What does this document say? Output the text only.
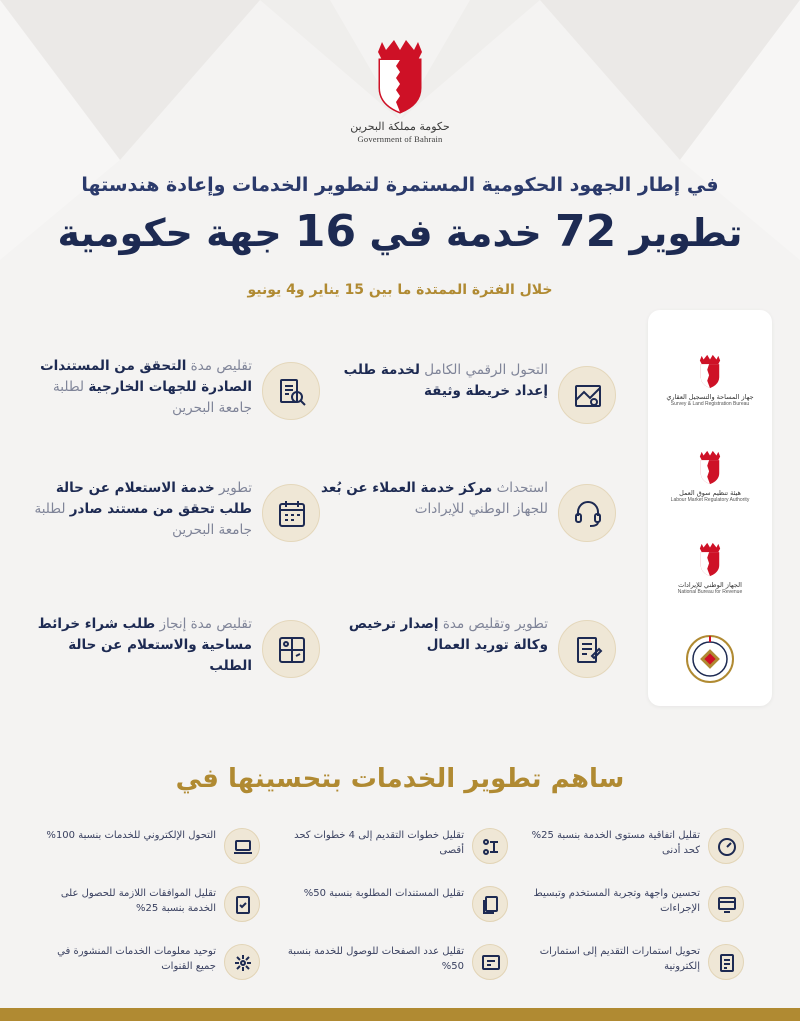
حكومة مملكة البحرين
Government of Bahrain
في إطار الجهود الحكومية المستمرة لتطوير الخدمات وإعادة هندستها
تطوير 72 خدمة في 16 جهة حكومية
خلال الفترة الممتدة ما بين 15 يناير و4 يونيو
جهاز المساحة والتسجيل العقاري
Survey & Land Registration Bureau
هيئة تنظيم سوق العمل
Labour Market Regulatory Authority
الجهاز الوطني للإيرادات
National Bureau for Revenue
التحول الرقمي الكامل لخدمة طلب إعداد خريطة وثيقة
استحداث مركز خدمة العملاء عن بُعد للجهاز الوطني للإيرادات
تطوير وتقليص مدة إصدار ترخيص وكالة توريد العمال
تقليص مدة التحقق من المستندات الصادرة للجهات الخارجية لطلبة جامعة البحرين
تطوير خدمة الاستعلام عن حالة طلب تحقق من مستند صادر لطلبة جامعة البحرين
تقليص مدة إنجاز طلب شراء خرائط مساحية والاستعلام عن حالة الطلب
ساهم تطوير الخدمات بتحسينها في
تقليل اتفاقية مستوى الخدمة بنسبة 25% كحد أدنى
تقليل خطوات التقديم إلى 4 خطوات كحد أقصى
التحول الإلكتروني للخدمات بنسبة 100%
تحسين واجهة وتجربة المستخدم وتبسيط الإجراءات
تقليل المستندات المطلوبة بنسبة 50%
تقليل الموافقات اللازمة للحصول على الخدمة بنسبة 25%
تحويل استمارات التقديم إلى استمارات إلكترونية
تقليل عدد الصفحات للوصول للخدمة بنسبة 50%
توحيد معلومات الخدمات المنشورة في جميع القنوات
